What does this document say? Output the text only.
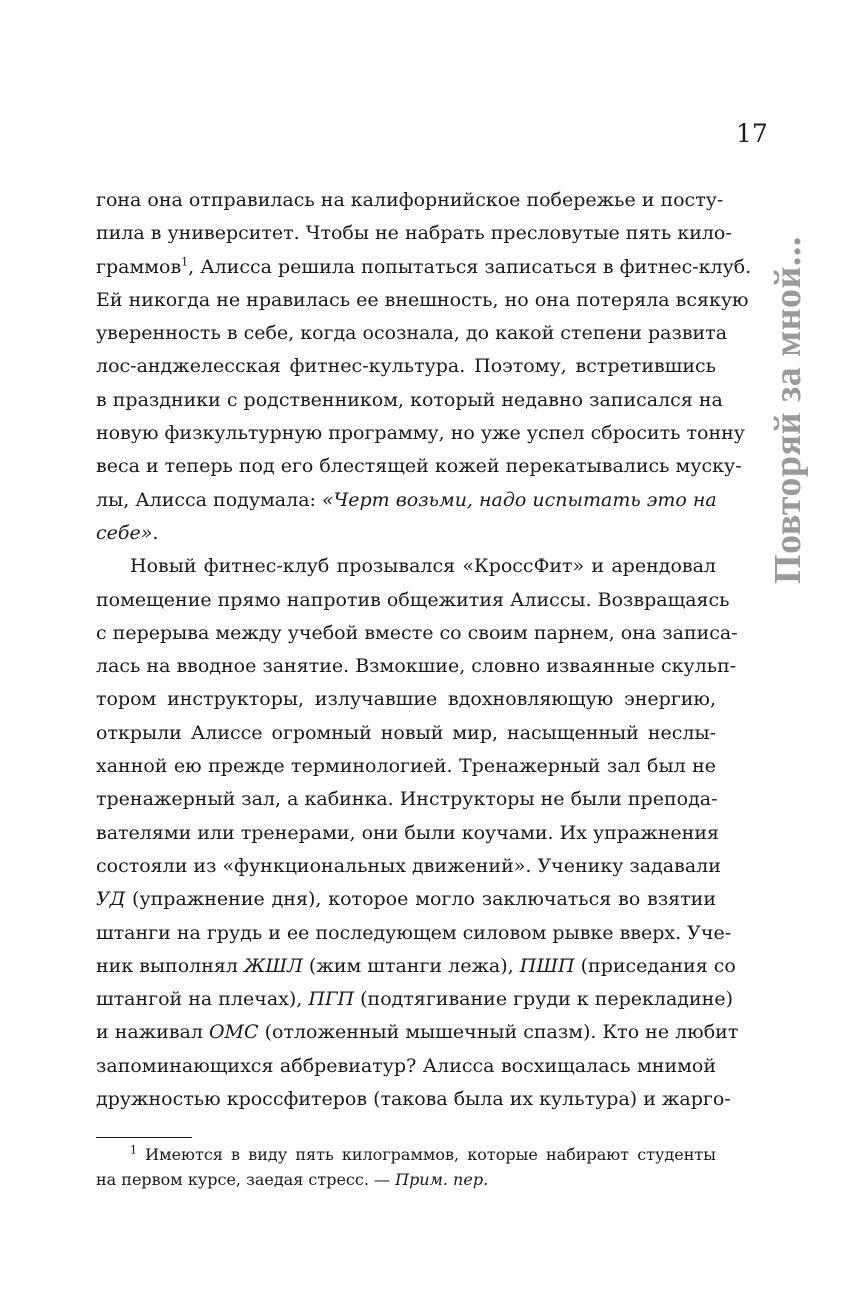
17
Повторяй за мной...
гона она отправилась на калифорнийское побережье и посту-
пила в университет. Чтобы не набрать пресловутые пять кило-
граммов$^1$, Алисса решила попытаться записаться в фитнес-клуб.
Ей никогда не нравилась ее внешность, но она потеряла всякую
уверенность в себе, когда осознала, до какой степени развита
лос-анджелесская фитнес-культура. Поэтому, встретившись
в праздники с родственником, который недавно записался на
новую физкультурную программу, но уже успел сбросить тонну
веса и теперь под его блестящей кожей перекатывались муску-
лы, Алисса подумала: «Черт возьми, надо испытать это на
себе».
Новый фитнес-клуб прозывался «КроссФит» и арендовал
помещение прямо напротив общежития Алиссы. Возвращаясь
с перерыва между учебой вместе со своим парнем, она записа-
лась на вводное занятие. Взмокшие, словно изваянные скульп-
тором инструкторы, излучавшие вдохновляющую энергию,
открыли Алиссе огромный новый мир, насыщенный неслы-
ханной ею прежде терминологией. Тренажерный зал был не
тренажерный зал, а кабинка. Инструкторы не были препода-
вателями или тренерами, они были коучами. Их упражнения
состояли из «функциональных движений». Ученику задавали
УД (упражнение дня), которое могло заключаться во взятии
штанги на грудь и ее последующем силовом рывке вверх. Уче-
ник выполнял ЖШЛ (жим штанги лежа), ПШП (приседания со
штангой на плечах), ПГП (подтягивание груди к перекладине)
и наживал ОМС (отложенный мышечный спазм). Кто не любит
запоминающихся аббревиатур? Алисса восхищалась мнимой
дружностью кроссфитеров (такова была их культура) и жарго-
$^1$ Имеются в виду пять килограммов, которые набирают студенты
на первом курсе, заедая стресс. — Прим. пер.
